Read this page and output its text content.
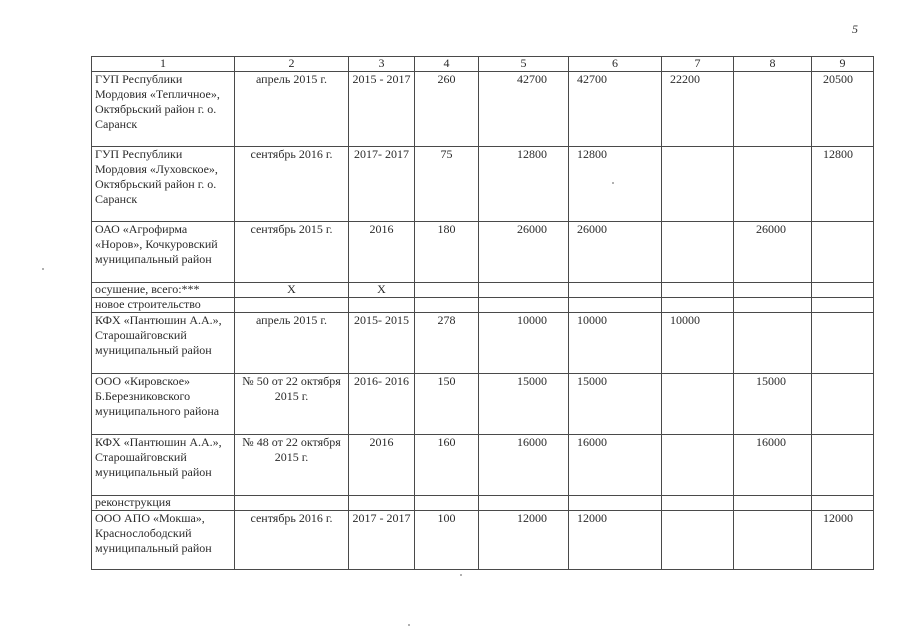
5
1	2	3	4	5	6	7	8	9
ГУП Республики Мордовия «Тепличное», Октябрьский район г. о. Саранск	апрель 2015 г.	2015 - 2017	260	42700	42700	22200		20500
ГУП Республики Мордовия «Луховское», Октябрьский район г. о. Саранск	сентябрь 2016 г.	2017- 2017	75	12800	12800			12800
ОАО «Агрофирма «Норов», Кочкуровский муниципальный район	сентябрь 2015 г.	2016	180	26000	26000		26000	
осушение, всего:***	X	X						
новое строительство								
КФХ «Пантюшин А.А.», Старошайговский муниципальный район	апрель 2015 г.	2015- 2015	278	10000	10000	10000		
ООО «Кировское» Б.Березниковского муниципального района	№ 50 от 22 октября 2015 г.	2016- 2016	150	15000	15000		15000	
КФХ «Пантюшин А.А.», Старошайговский муниципальный район	№ 48 от 22 октября 2015 г.	2016	160	16000	16000		16000	
реконструкция								
ООО АПО «Мокша», Краснослободский муниципальный район	сентябрь 2016 г.	2017 - 2017	100	12000	12000			12000
